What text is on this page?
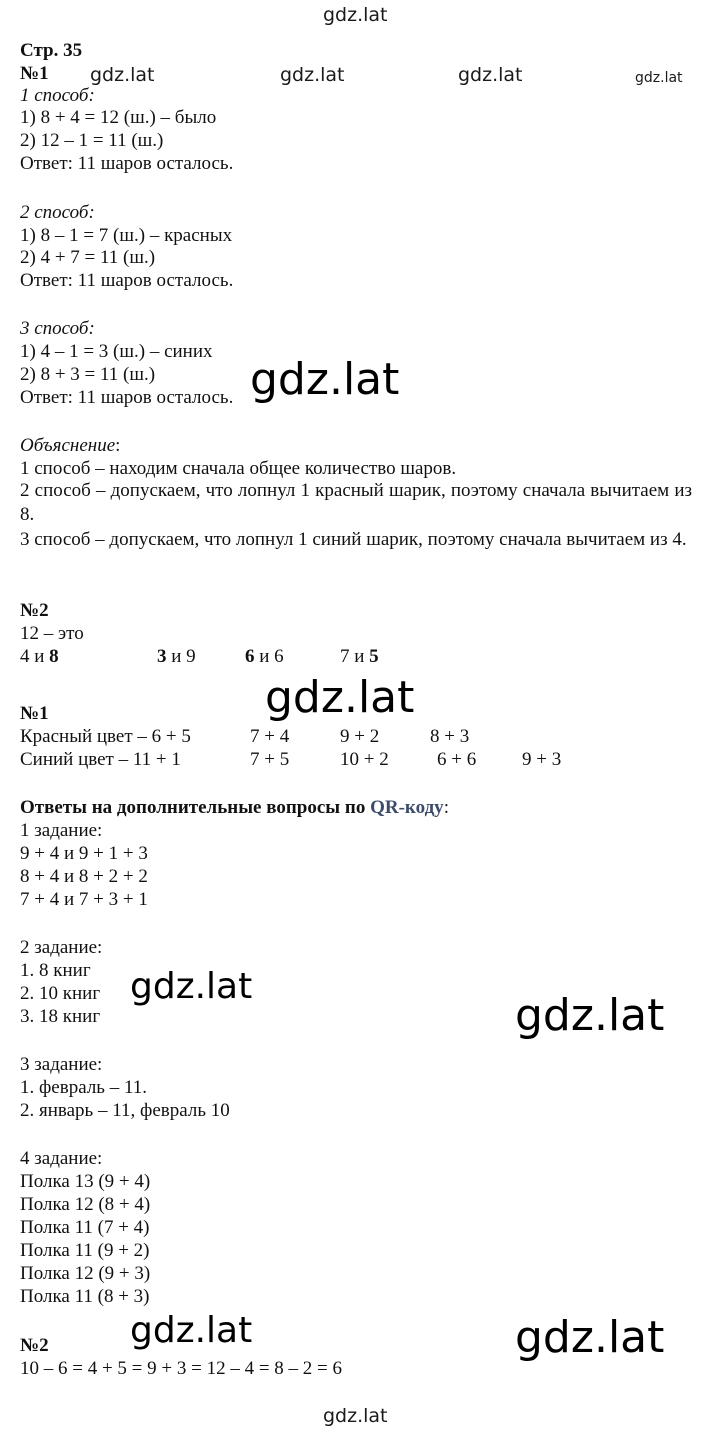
gdz.lat
gdz.lat	gdz.lat	gdz.lat	gdz.lat
gdz.lat
gdz.lat
gdz.lat
gdz.lat
gdz.lat	gdz.lat
gdz.lat
Стр. 35
№1
1 способ:
1) 8 + 4 = 12 (ш.) – было
2) 12 – 1 = 11 (ш.)
Ответ: 11 шаров осталось.
2 способ:
1) 8 – 1 = 7 (ш.) – красных
2) 4 + 7 = 11 (ш.)
Ответ: 11 шаров осталось.
3 способ:
1) 4 – 1 = 3 (ш.) – синих
2) 8 + 3 = 11 (ш.)
Ответ: 11 шаров осталось.
Объяснение:
1 способ – находим сначала общее количество шаров.
2 способ – допускаем, что лопнул 1 красный шарик, поэтому сначала вычитаем из 8.
3 способ – допускаем, что лопнул 1 синий шарик, поэтому сначала вычитаем из 4.
№2
12 – это
4 и 8	3 и 9	6 и 6	7 и 5
№1
Красный цвет – 6 + 5	7 + 4	9 + 2	8 + 3
Синий цвет – 11 + 1	7 + 5	10 + 2	6 + 6 9 + 3
Ответы на дополнительные вопросы по QR-коду:
1 задание:
9 + 4 и 9 + 1 + 3
8 + 4 и 8 + 2 + 2
7 + 4 и 7 + 3 + 1
2 задание:
1. 8 книг
2. 10 книг
3. 18 книг
3 задание:
1. февраль – 11.
2. январь – 11, февраль 10
4 задание:
Полка 13 (9 + 4)
Полка 12 (8 + 4)
Полка 11 (7 + 4)
Полка 11 (9 + 2)
Полка 12 (9 + 3)
Полка 11 (8 + 3)
№2
10 – 6 = 4 + 5 = 9 + 3 = 12 – 4 = 8 – 2 = 6
